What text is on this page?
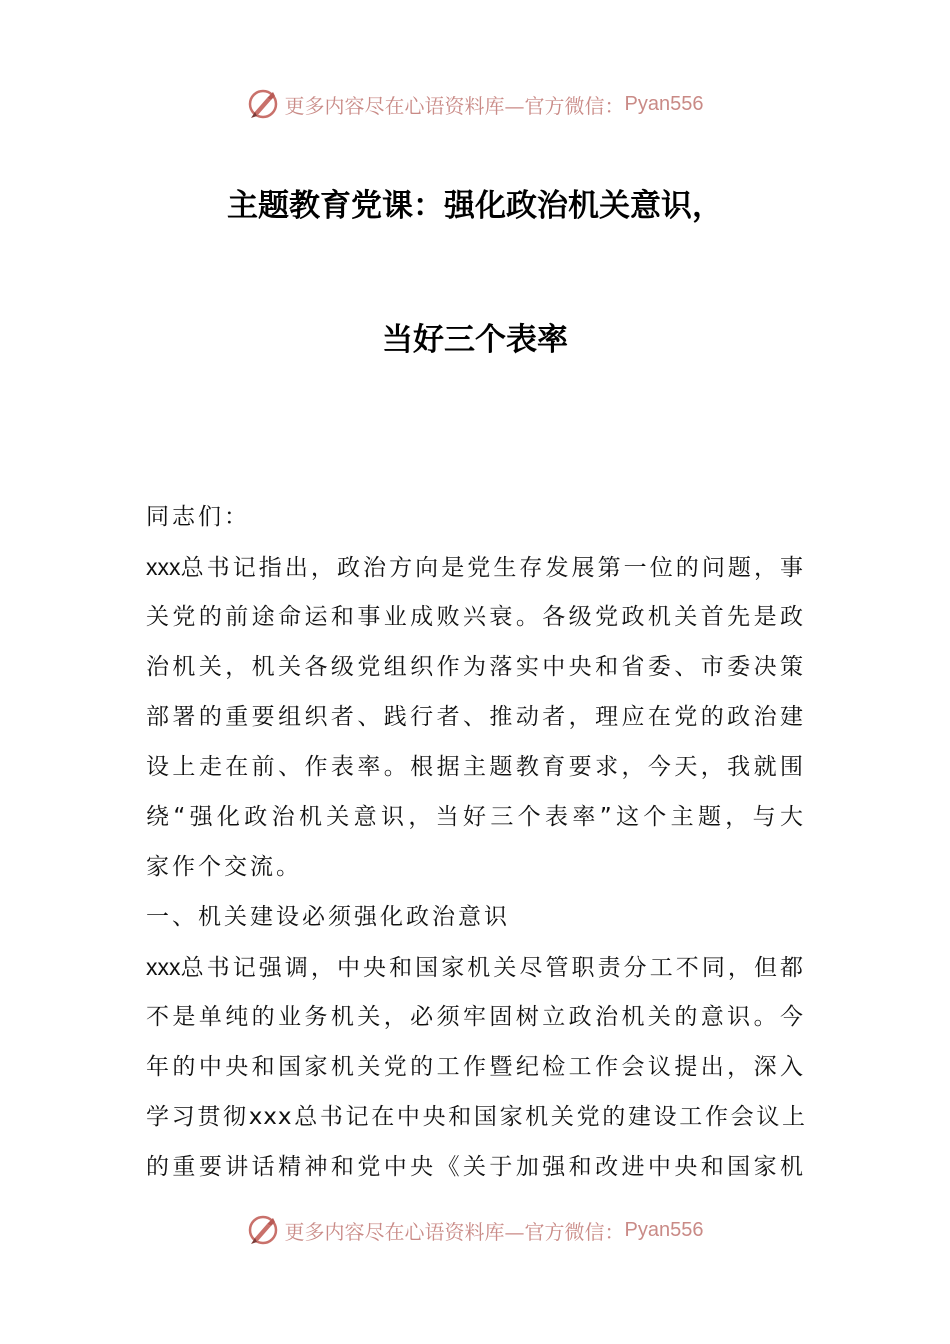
更多内容尽在心语资料库—官方微信： Pyan556
主题教育党课：强化政治机关意识，
当好三个表率
同志们：
xxx总书记指出，政治方向是党生存发展第一位的问题，事
关党的前途命运和事业成败兴衰。各级党政机关首先是政
治机关，机关各级党组织作为落实中央和省委、市委决策
部署的重要组织者、践行者、推动者，理应在党的政治建
设上走在前、作表率。根据主题教育要求，今天，我就围
绕“强化政治机关意识，当好三个表率”这个主题，与大
家作个交流。
一、机关建设必须强化政治意识
xxx总书记强调，中央和国家机关尽管职责分工不同，但都
不是单纯的业务机关，必须牢固树立政治机关的意识。今
年的中央和国家机关党的工作暨纪检工作会议提出，深入
学习贯彻xxx总书记在中央和国家机关党的建设工作会议上
的重要讲话精神和党中央《关于加强和改进中央和国家机
更多内容尽在心语资料库—官方微信： Pyan556
